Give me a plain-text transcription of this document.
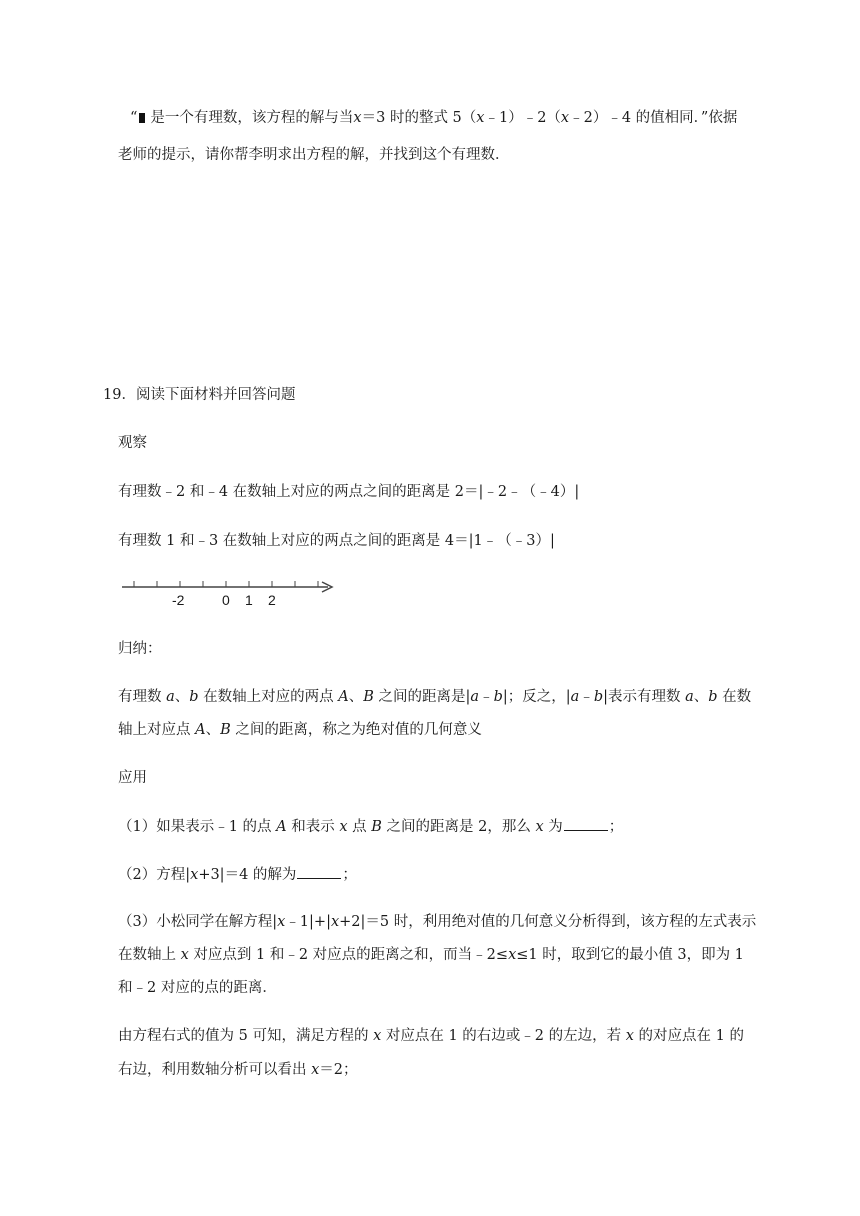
“ 是一个有理数，该方程的解与当x＝3 时的整式 5（x﹣1）﹣2（x﹣2）﹣4 的值相同．”依据
老师的提示，请你帮李明求出方程的解，并找到这个有理数．
19．阅读下面材料并回答问题
观察
有理数﹣2 和﹣4 在数轴上对应的两点之间的距离是 2＝|﹣2﹣（﹣4）|
有理数 1 和﹣3 在数轴上对应的两点之间的距离是 4＝|1﹣（﹣3）|
-2	0 1 2
归纳：
有理数 a、b 在数轴上对应的两点 A、B 之间的距离是|a﹣b|；反之，|a﹣b|表示有理数 a、b 在数
轴上对应点 A、B 之间的距离，称之为绝对值的几何意义
应用
（1）如果表示﹣1 的点 A 和表示 x 点 B 之间的距离是 2，那么 x 为	；
（2）方程|x+3|＝4 的解为	；
（3）小松同学在解方程|x﹣1|+|x+2|＝5 时，利用绝对值的几何意义分析得到，该方程的左式表示
在数轴上 x 对应点到 1 和﹣2 对应点的距离之和，而当﹣2≤x≤1 时，取到它的最小值 3，即为 1
和﹣2 对应的点的距离．
由方程右式的值为 5 可知，满足方程的 x 对应点在 1 的右边或﹣2 的左边，若 x 的对应点在 1 的
右边，利用数轴分析可以看出 x＝2；
